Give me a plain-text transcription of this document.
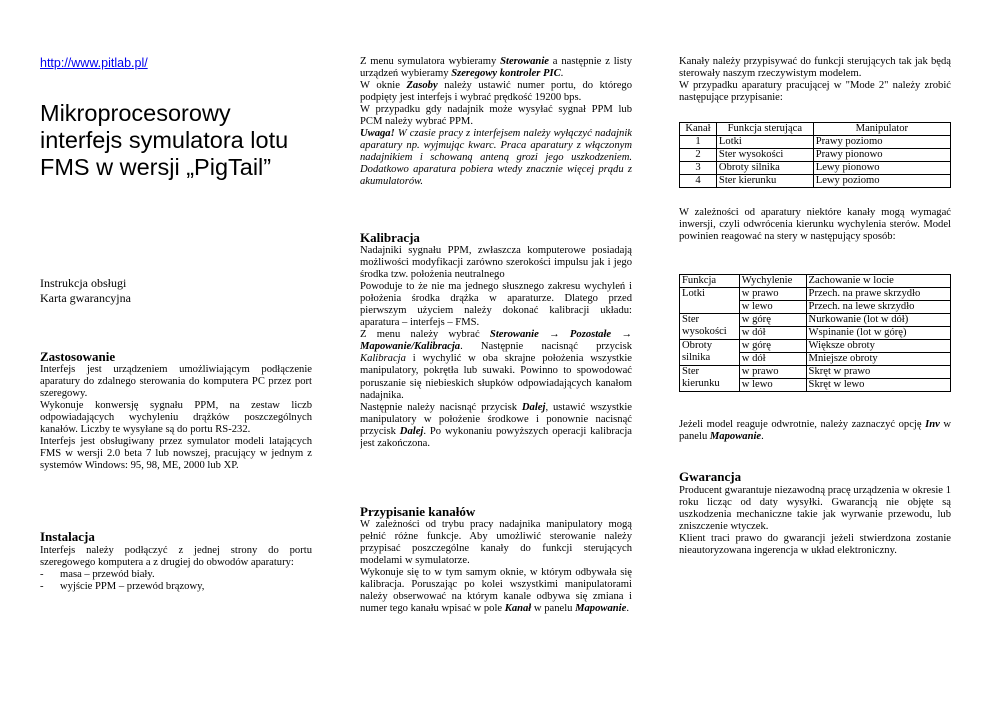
http://www.pitlab.pl/
Mikroprocesorowy interfejs symulatora lotu FMS w wersji „PigTail”
Instrukcja obsługi
Karta gwarancyjna
Zastosowanie
Interfejs jest urządzeniem umożliwiającym podłączenie aparatury do zdalnego sterowania do komputera PC przez port szeregowy.
Wykonuje konwersję sygnału PPM, na zestaw liczb odpowiadających wychyleniu drążków poszczególnych kanałów. Liczby te wysyłane są do portu RS-232.
Interfejs jest obsługiwany przez symulator modeli latających FMS w wersji 2.0 beta 7 lub nowszej, pracujący w jednym z systemów Windows: 95, 98, ME, 2000 lub XP.
Instalacja
Interfejs należy podłączyć z jednej strony do portu szeregowego komputera a z drugiej do obwodów aparatury:
-	masa – przewód biały.
-	wyjście PPM – przewód brązowy,
Z menu symulatora wybieramy Sterowanie a następnie z listy urządzeń wybieramy Szeregowy kontroler PIC.
W oknie Zasoby należy ustawić numer portu, do którego podpięty jest interfejs i wybrać prędkość 19200 bps.
W przypadku gdy nadajnik może wysyłać sygnał PPM lub PCM należy wybrać PPM.
Uwaga! W czasie pracy z interfejsem należy wyłączyć nadajnik aparatury np. wyjmując kwarc. Praca aparatury z włączonym nadajnikiem i schowaną anteną grozi jego uszkodzeniem. Dodatkowo aparatura pobiera wtedy znacznie więcej prądu z akumulatorów.
Kalibracja
Nadajniki sygnału PPM, zwłaszcza komputerowe posiadają możliwości modyfikacji zarówno szerokości impulsu jak i jego środka tzw. położenia neutralnego
Powoduje to że nie ma jednego słusznego zakresu wychyleń i położenia środka drążka w aparaturze. Dlatego przed pierwszym użyciem należy dokonać kalibracji układu: aparatura – interfejs – FMS.
Z menu należy wybrać Sterowanie → Pozostałe → Mapowanie/Kalibracja. Następnie nacisnąć przycisk Kalibracja i wychylić w oba skrajne położenia wszystkie manipulatory, pokrętła lub suwaki. Powinno to spowodować poruszanie się niebieskich słupków odpowiadających kanałom nadajnika.
Następnie należy nacisnąć przycisk Dalej, ustawić wszystkie manipulatory w położenie środkowe i ponownie nacisnąć przycisk Dalej. Po wykonaniu powyższych operacji kalibracja jest zakończona.
Przypisanie kanałów
W zależności od trybu pracy nadajnika manipulatory mogą pełnić różne funkcje. Aby umożliwić sterowanie należy przypisać poszczególne kanały do funkcji sterujących modelami w symulatorze.
Wykonuje się to w tym samym oknie, w którym odbywała się kalibracja. Poruszając po kolei wszystkimi manipulatorami należy obserwować na którym kanale odbywa się zmiana i numer tego kanału wpisać w pole Kanał w panelu Mapowanie.
Kanały należy przypisywać do funkcji sterujących tak jak będą sterowały naszym rzeczywistym modelem.
W przypadku aparatury pracującej w "Mode 2" należy zrobić następujące przypisanie:
Kanał	Funkcja sterująca	Manipulator
1	Lotki	Prawy poziomo
2	Ster wysokości	Prawy pionowo
3	Obroty silnika	Lewy pionowo
4	Ster kierunku	Lewy poziomo
W zależności od aparatury niektóre kanały mogą wymagać inwersji, czyli odwrócenia kierunku wychylenia sterów. Model powinien reagować na stery w następujący sposób:
Funkcja	Wychylenie	Zachowanie w locie

Lotki	w prawo	Przech. na prawe skrzydło
	w lewo	Przech. na lewe skrzydło

Ster
wysokości	w górę	Nurkowanie (lot w dół)
	w dół	Wspinanie (lot w górę)

Obroty
silnika	w górę	Większe obroty
	w dół	Mniejsze obroty

Ster
kierunku	w prawo	Skręt w prawo
	w lewo	Skręt w lewo
Jeżeli model reaguje odwrotnie, należy zaznaczyć opcję Inv w panelu Mapowanie.
Gwarancja
Producent gwarantuje niezawodną pracę urządzenia w okresie 1 roku licząc od daty wysyłki. Gwarancją nie objęte są uszkodzenia mechaniczne takie jak wyrwanie przewodu, lub zniszczenie wtyczek.
Klient traci prawo do gwarancji jeżeli stwierdzona zostanie nieautoryzowana ingerencja w układ elektroniczny.
